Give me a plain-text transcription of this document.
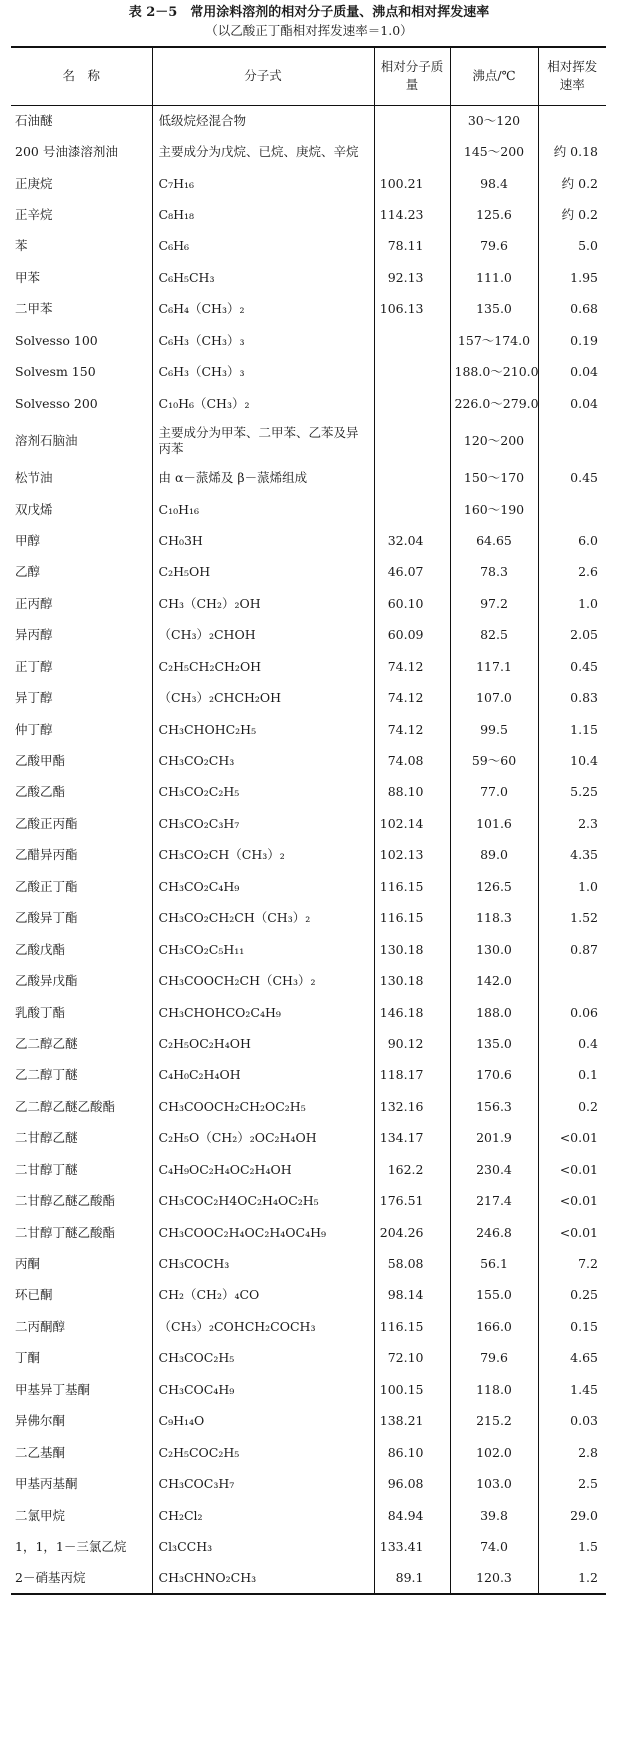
表 2－5　常用涂料溶剂的相对分子质量、沸点和相对挥发速率
（以乙酸正丁酯相对挥发速率＝1.0）
名　称	分子式	相对分子质量	沸点/℃	相对挥发速率
石油醚	低级烷烃混合物		30～120	
200 号油漆溶剂油	主要成分为戊烷、已烷、庚烷、辛烷		145～200	约 0.18
正庚烷	C₇H₁₆	100.21	98.4	约 0.2
正辛烷	C₈H₁₈	114.23	125.6	约 0.2
苯	C₆H₆	78.11	79.6	5.0
甲苯	C₆H₅CH₃	92.13	111.0	1.95
二甲苯	C₆H₄（CH₃）₂	106.13	135.0	0.68
Solvesso 100	C₆H₃（CH₃）₃		157～174.0	0.19
Solvesm 150	C₆H₃（CH₃）₃		188.0～210.0	0.04
Solvesso 200	C₁₀H₆（CH₃）₂		226.0～279.0	0.04
溶剂石脑油	主要成分为甲苯、二甲苯、乙苯及异丙苯		120～200	
松节油	由 α－蒎烯及 β－蒎烯组成		150～170	0.45
双戊烯	C₁₀H₁₆		160～190	
甲醇	CH₀3H	32.04	64.65	6.0
乙醇	C₂H₅OH	46.07	78.3	2.6
正丙醇	CH₃（CH₂）₂OH	60.10	97.2	1.0
异丙醇	（CH₃）₂CHOH	60.09	82.5	2.05
正丁醇	C₂H₅CH₂CH₂OH	74.12	117.1	0.45
异丁醇	（CH₃）₂CHCH₂OH	74.12	107.0	0.83
仲丁醇	CH₃CHOHC₂H₅	74.12	99.5	1.15
乙酸甲酯	CH₃CO₂CH₃	74.08	59～60	10.4
乙酸乙酯	CH₃CO₂C₂H₅	88.10	77.0	5.25
乙酸正丙酯	CH₃CO₂C₃H₇	102.14	101.6	2.3
乙醋异丙酯	CH₃CO₂CH（CH₃）₂	102.13	89.0	4.35
乙酸正丁酯	CH₃CO₂C₄H₉	116.15	126.5	1.0
乙酸异丁酯	CH₃CO₂CH₂CH（CH₃）₂	116.15	118.3	1.52
乙酸戊酯	CH₃CO₂C₅H₁₁	130.18	130.0	0.87
乙酸异戊酯	CH₃COOCH₂CH（CH₃）₂	130.18	142.0	
乳酸丁酯	CH₃CHOHCO₂C₄H₉	146.18	188.0	0.06
乙二醇乙醚	C₂H₅OC₂H₄OH	90.12	135.0	0.4
乙二醇丁醚	C₄H₀C₂H₄OH	118.17	170.6	0.1
乙二醇乙醚乙酸酯	CH₃COOCH₂CH₂OC₂H₅	132.16	156.3	0.2
二甘醇乙醚	C₂H₅O（CH₂）₂OC₂H₄OH	134.17	201.9	<0.01
二甘醇丁醚	C₄H₉OC₂H₄OC₂H₄OH	162.2	230.4	<0.01
二甘醇乙醚乙酸酯	CH₃COC₂H4OC₂H₄OC₂H₅	176.51	217.4	<0.01
二甘醇丁醚乙酸酯	CH₃COOC₂H₄OC₂H₄OC₄H₉	204.26	246.8	<0.01
丙酮	CH₃COCH₃	58.08	56.1	7.2
环已酮	CH₂（CH₂）₄CO	98.14	155.0	0.25
二丙酮醇	（CH₃）₂COHCH₂COCH₃	116.15	166.0	0.15
丁酮	CH₃COC₂H₅	72.10	79.6	4.65
甲基异丁基酮	CH₃COC₄H₉	100.15	118.0	1.45
异佛尔酮	C₉H₁₄O	138.21	215.2	0.03
二乙基酮	C₂H₅COC₂H₅	86.10	102.0	2.8
甲基丙基酮	CH₃COC₃H₇	96.08	103.0	2.5
二氯甲烷	CH₂Cl₂	84.94	39.8	29.0
1，1，1－三氯乙烷	Cl₃CCH₃	133.41	74.0	1.5
2－硝基丙烷	CH₃CHNO₂CH₃	89.1	120.3	1.2
